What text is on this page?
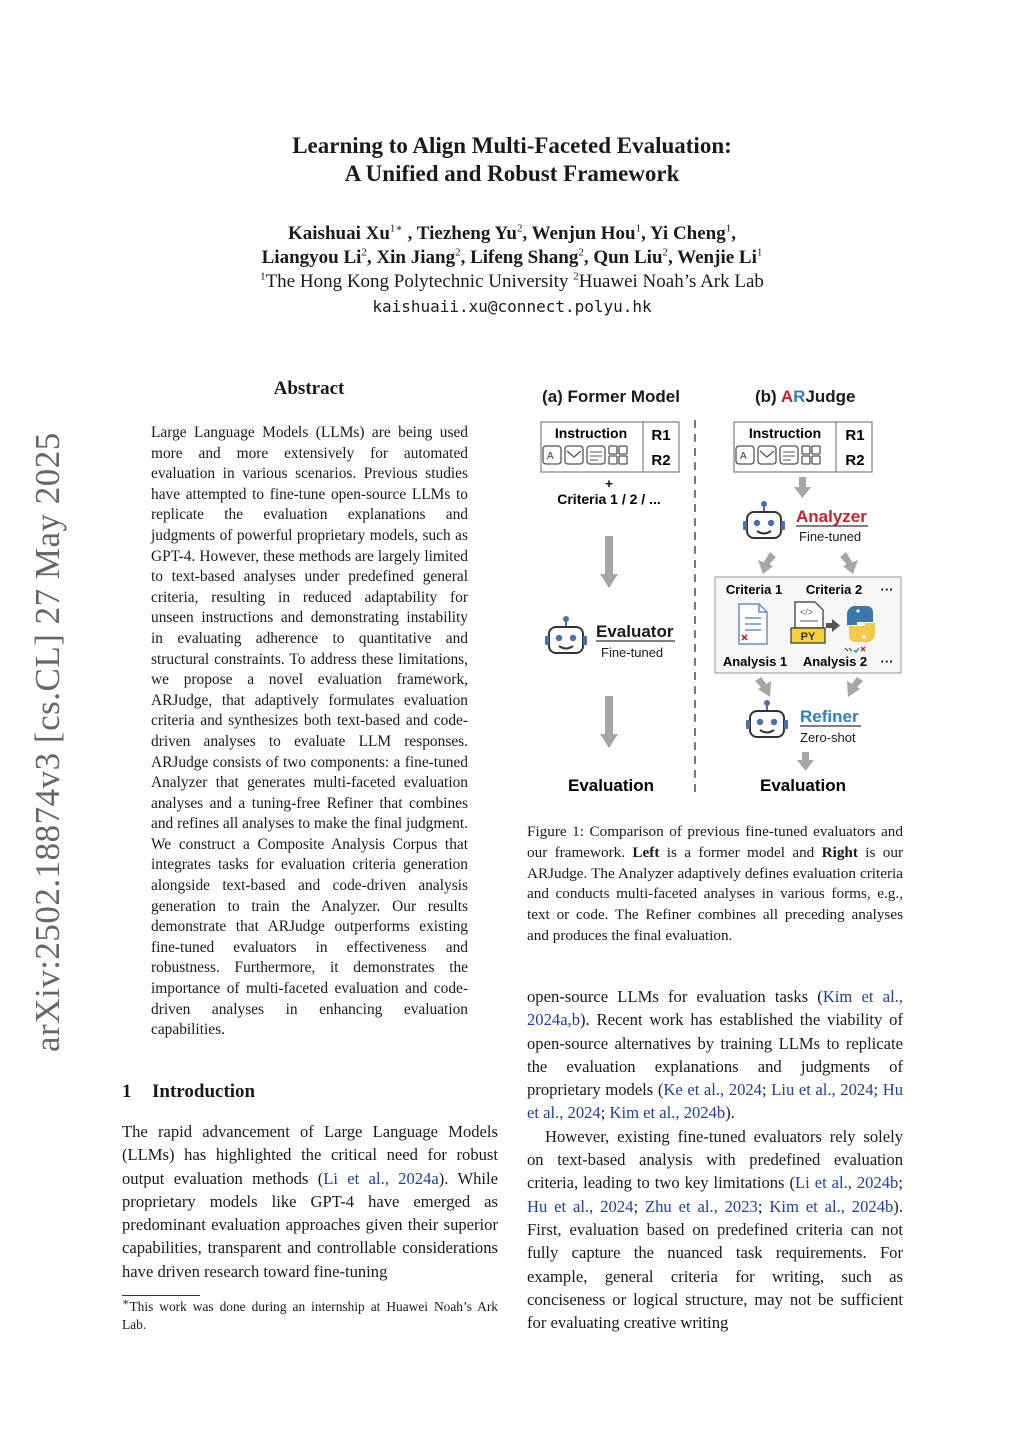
Learning to Align Multi-Faceted Evaluation:
A Unified and Robust Framework
Kaishuai $Xu^{1∗}$ , Tiezheng Yu$^2$, Wenjun Hou$^1$, Yi Cheng$^1$,
Liangyou Li$^2$, Xin Jiang$^2$, Lifeng Shang$^2$, Qun Liu$^2$, Wenjie Li$^1$
$^1$The Hong Kong Polytechnic University $^2$Huawei Noah’s Ark Lab
kaishuaii.xu@connect.polyu.hk
arXiv:2502.18874v3 [cs.CL] 27 May 2025
Abstract

Large Language Models (LLMs) are being used more and more extensively for automated evaluation in various scenarios. Previous studies have attempted to fine-tune open-source LLMs to replicate the evaluation explanations and judgments of powerful proprietary models, such as GPT-4. However, these methods are largely limited to text-based analyses under predefined general criteria, resulting in reduced adaptability for unseen instructions and demonstrating instability in evaluating adherence to quantitative and structural constraints. To address these limitations, we propose a novel evaluation framework, ARJudge, that adaptively formulates evaluation criteria and synthesizes both text-based and code-driven analyses to evaluate LLM responses. ARJudge consists of two components: a fine-tuned Analyzer that generates multi-faceted evaluation analyses and a tuning-free Refiner that combines and refines all analyses to make the final judgment. We construct a Composite Analysis Corpus that integrates tasks for evaluation criteria generation alongside text-based and code-driven analysis generation to train the Analyzer. Our results demonstrate that ARJudge outperforms existing fine-tuned evaluators in effectiveness and robustness. Furthermore, it demonstrates the importance of multi-faceted evaluation and code-driven analyses in enhancing evaluation capabilities.

1 Introduction

The rapid advancement of Large Language Models (LLMs) has highlighted the critical need for robust output evaluation methods (Li et al., 2024a). While proprietary models like GPT-4 have emerged as predominant evaluation approaches given their superior capabilities, transparent and controllable considerations have driven research toward fine-tuning

∗This work was done during an internship at Huawei Noah’s Ark Lab.
A (a) Former Model	(b) ARJudge
Instruction R1
R2
+
Criteria 1 / 2 / ...
Evaluator
Fine-tuned
Evaluation
Instruction R1
R2
Analyzer
Fine-tuned
Criteria 1 Criteria 2 ···
</>
PY
Analysis 1 Analysis 2 ···
Refiner
Zero-shot
Evaluation
Figure 1: Comparison of previous fine-tuned evaluators and our framework. Left is a former model and Right is our ARJudge. The Analyzer adaptively defines evaluation criteria and conducts multi-faceted analyses in various forms, e.g., text or code. The Refiner combines all preceding analyses and produces the final evaluation.

open-source LLMs for evaluation tasks (Kim et al., 2024a,b). Recent work has established the viability of open-source alternatives by training LLMs to replicate the evaluation explanations and judgments of proprietary models (Ke et al., 2024; Liu et al., 2024; Hu et al., 2024; Kim et al., 2024b).

However, existing fine-tuned evaluators rely solely on text-based analysis with predefined evaluation criteria, leading to two key limitations (Li et al., 2024b; Hu et al., 2024; Zhu et al., 2023; Kim et al., 2024b). First, evaluation based on predefined criteria can not fully capture the nuanced task requirements. For example, general criteria for writing, such as conciseness or logical structure, may not be sufficient for evaluating creative writing
